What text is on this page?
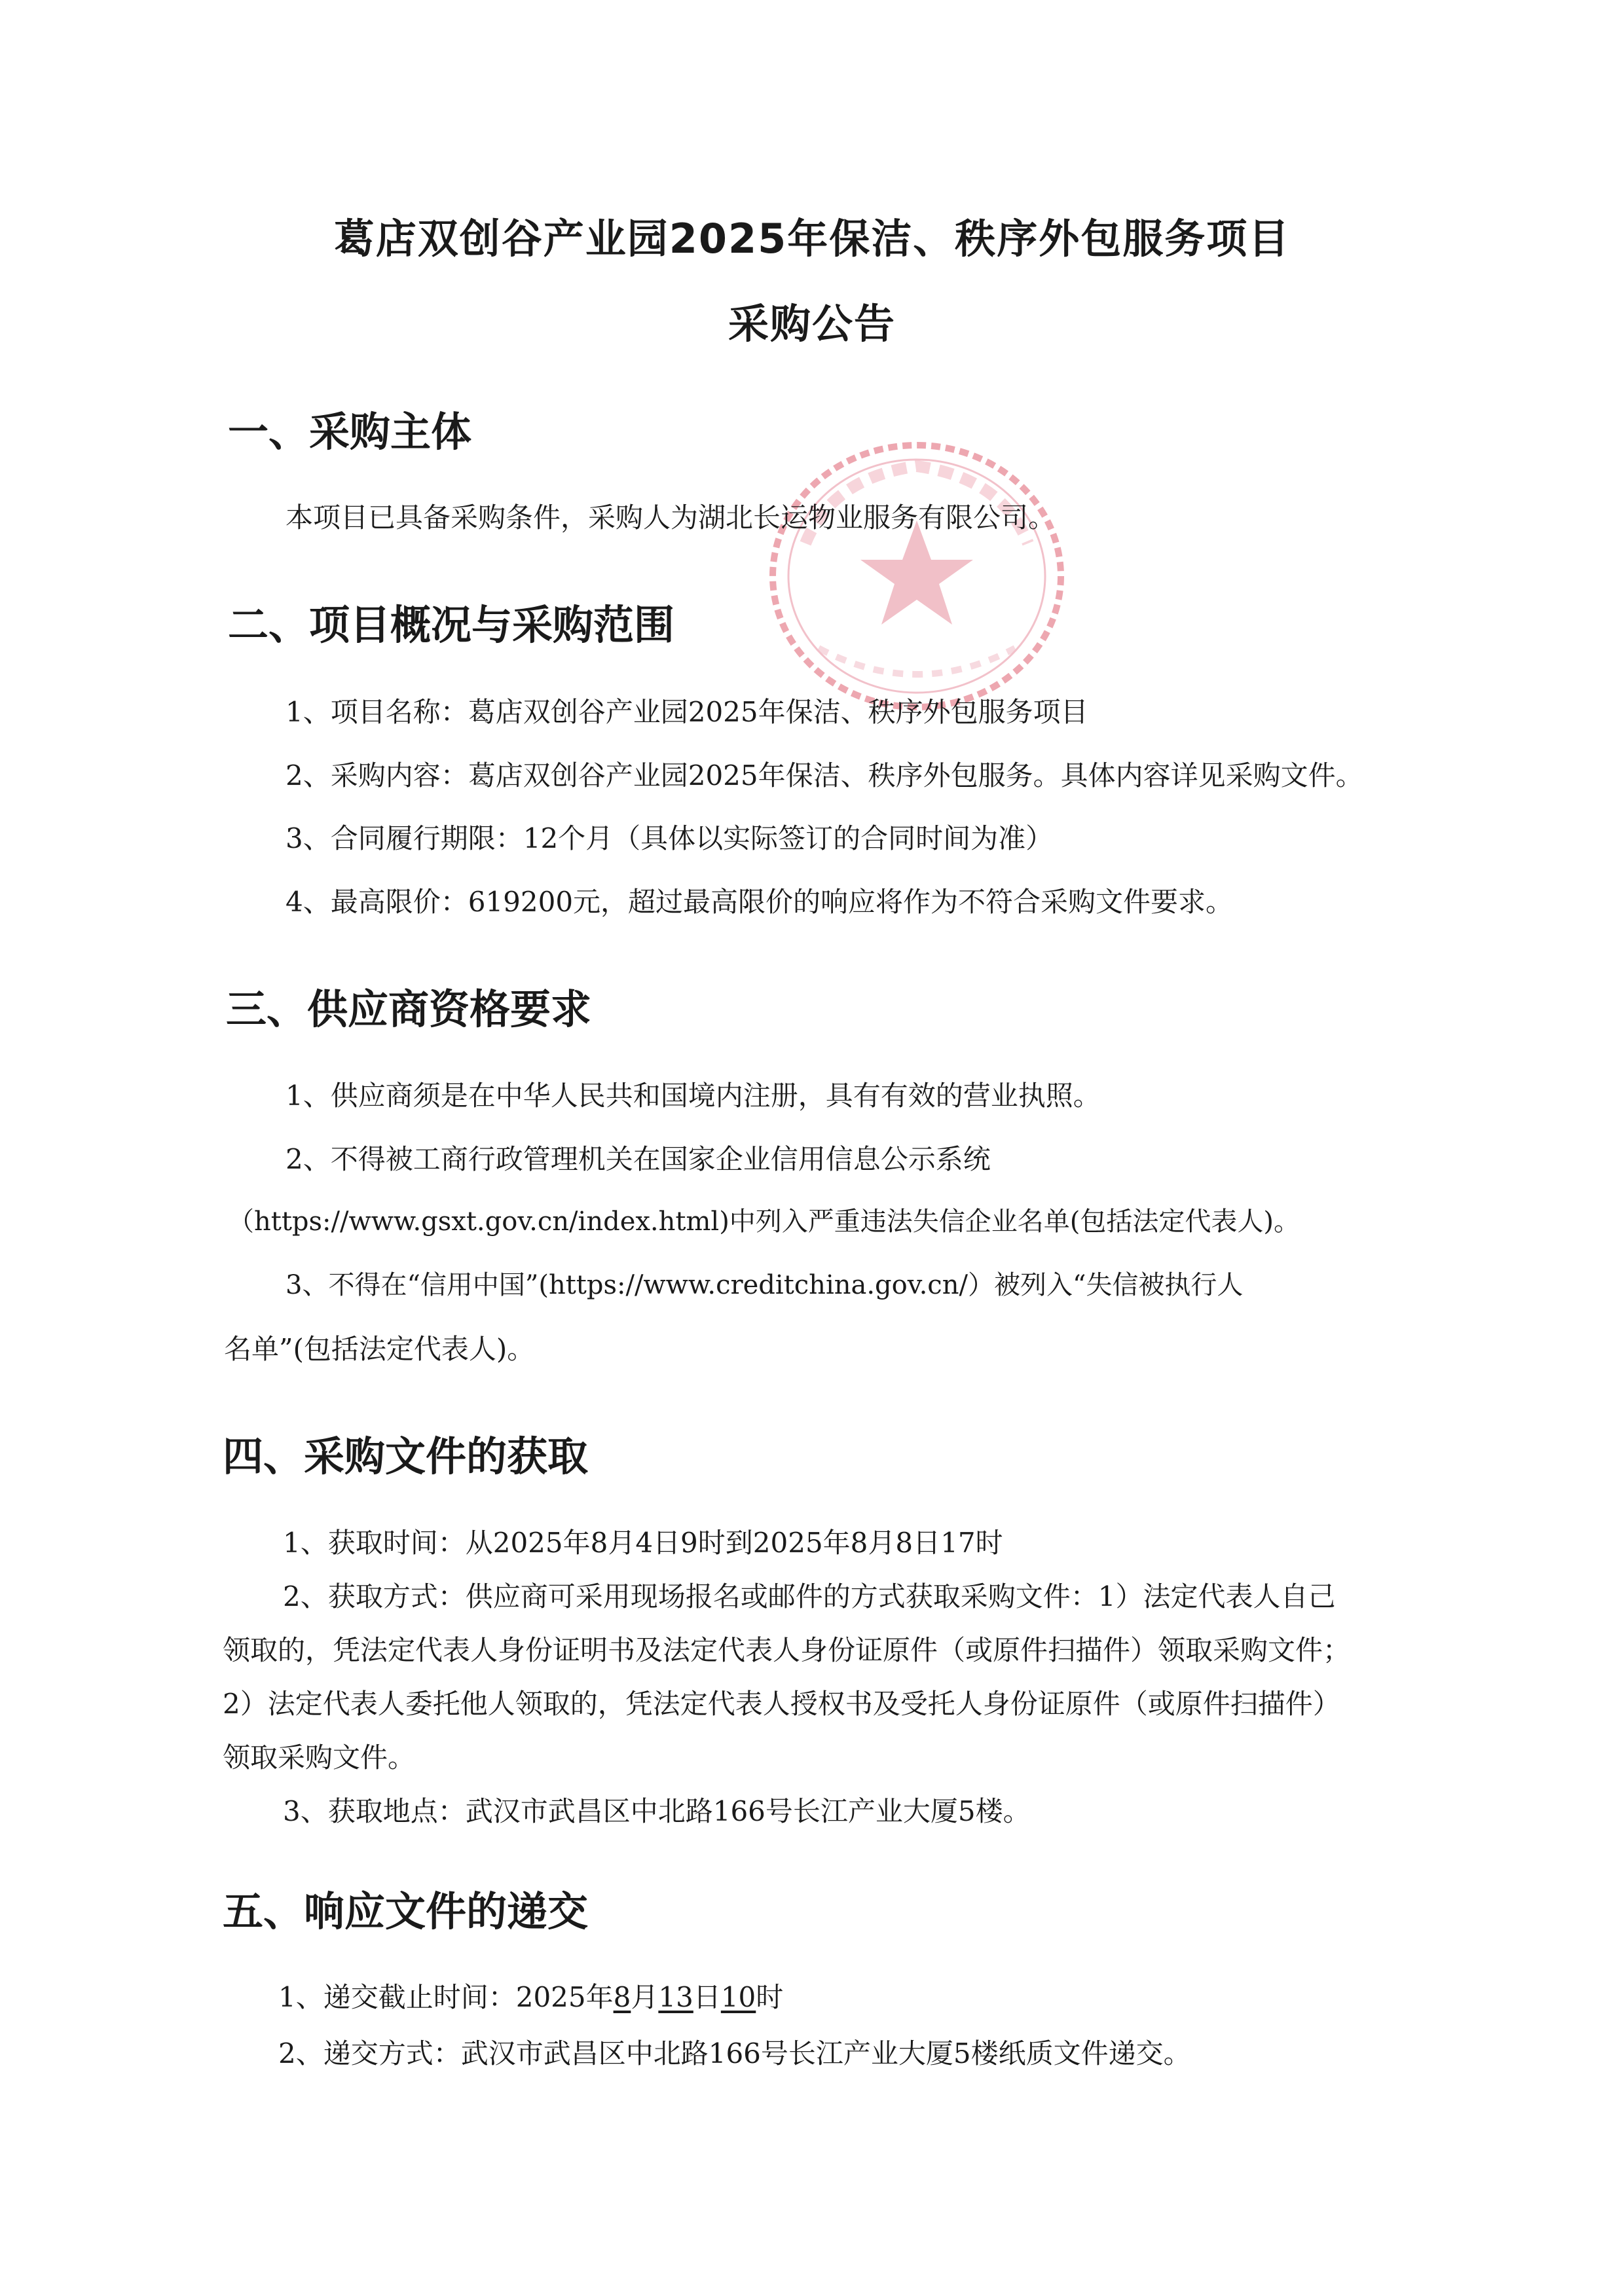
葛店双创谷产业园2025年保洁、秩序外包服务项目
采购公告
一、采购主体
本项目已具备采购条件，采购人为湖北长运物业服务有限公司。
二、项目概况与采购范围
1、项目名称：葛店双创谷产业园2025年保洁、秩序外包服务项目
2、采购内容：葛店双创谷产业园2025年保洁、秩序外包服务。具体内容详见采购文件。
3、合同履行期限：12个月（具体以实际签订的合同时间为准）
4、最高限价：619200元，超过最高限价的响应将作为不符合采购文件要求。
三、供应商资格要求
1、供应商须是在中华人民共和国境内注册，具有有效的营业执照。
2、不得被工商行政管理机关在国家企业信用信息公示系统
（https://www.gsxt.gov.cn/index.html)中列入严重违法失信企业名单(包括法定代表人)。
3、不得在“信用中国”(https://www.creditchina.gov.cn/）被列入“失信被执行人
名单”(包括法定代表人)。
四、采购文件的获取
1、获取时间：从2025年8月4日9时到2025年8月8日17时
2、获取方式：供应商可采用现场报名或邮件的方式获取采购文件：1）法定代表人自己
领取的，凭法定代表人身份证明书及法定代表人身份证原件（或原件扫描件）领取采购文件；
2）法定代表人委托他人领取的，凭法定代表人授权书及受托人身份证原件（或原件扫描件）
领取采购文件。
3、获取地点：武汉市武昌区中北路166号长江产业大厦5楼。
五、响应文件的递交
1、递交截止时间：2025年8月13日10时
2、递交方式：武汉市武昌区中北路166号长江产业大厦5楼纸质文件递交。
